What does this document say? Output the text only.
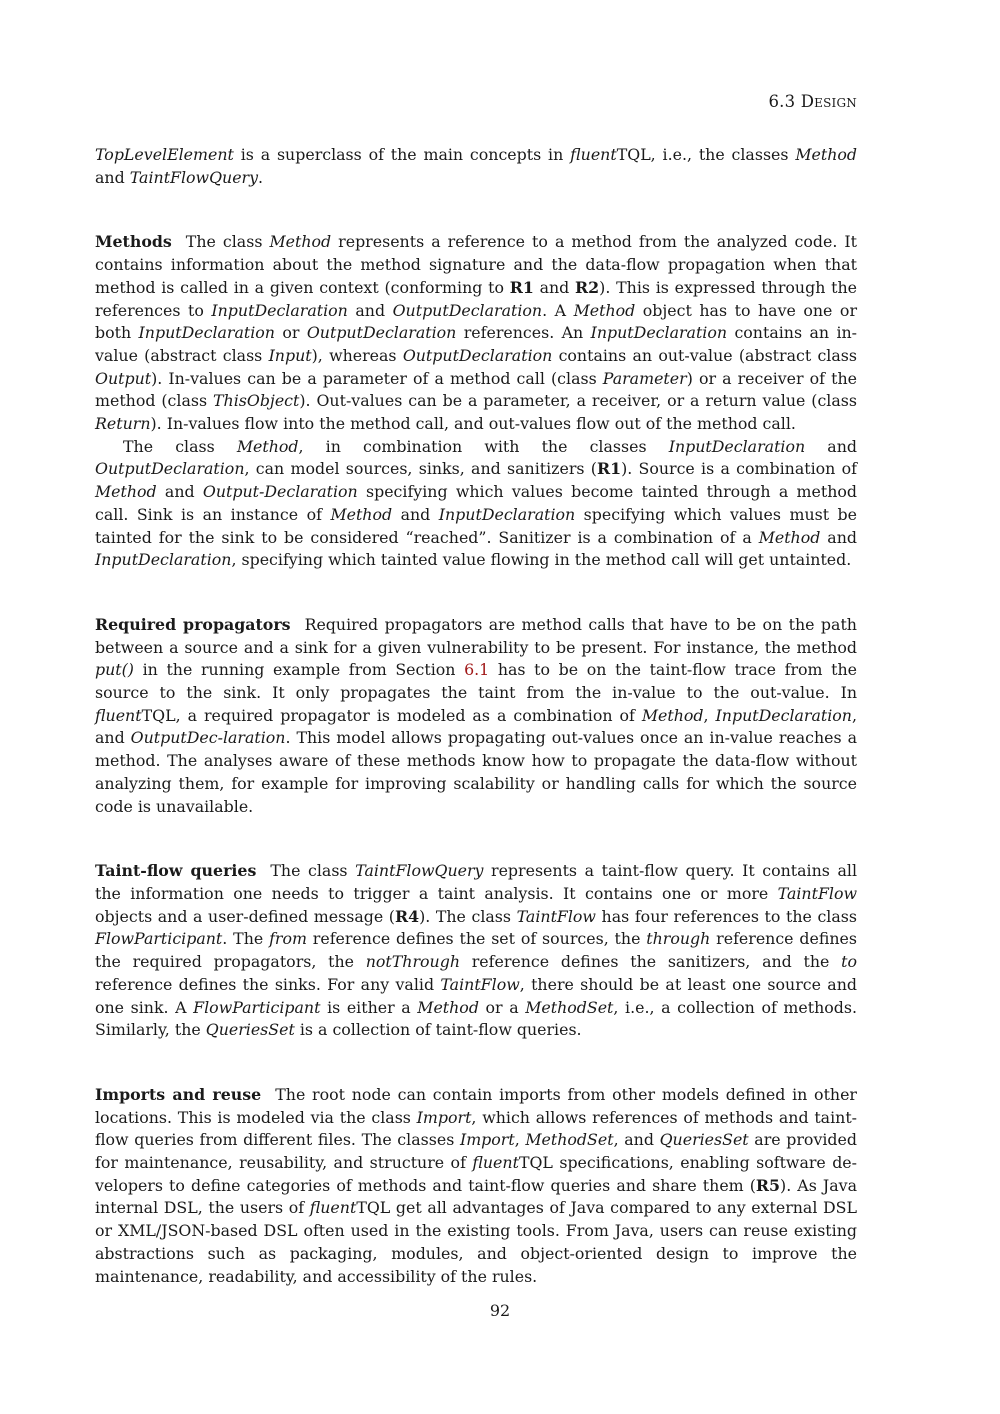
6.3 Design

TopLevelElement is a superclass of the main concepts in fluentTQL, i.e., the classes Method and TaintFlowQuery.

Methods The class Method represents a reference to a method from the analyzed code. It contains information about the method signature and the data-flow propagation when that method is called in a given context (conforming to R1 and R2). This is expressed through the references to InputDeclaration and OutputDeclaration. A Method object has to have one or both InputDeclaration or OutputDeclaration references. An InputDeclaration contains an in-value (abstract class Input), whereas OutputDeclaration contains an out-value (abstract class Output). In-values can be a parameter of a method call (class Parameter) or a receiver of the method (class ThisObject). Out-values can be a parameter, a receiver, or a return value (class Return). In-values flow into the method call, and out-values flow out of the method call.

The class Method, in combination with the classes InputDeclaration and OutputDeclaration, can model sources, sinks, and sanitizers (R1). Source is a combination of Method and Output-Declaration specifying which values become tainted through a method call. Sink is an instance of Method and InputDeclaration specifying which values must be tainted for the sink to be considered “reached”. Sanitizer is a combination of a Method and InputDeclaration, specifying which tainted value flowing in the method call will get untainted.

Required propagators Required propagators are method calls that have to be on the path between a source and a sink for a given vulnerability to be present. For instance, the method put() in the running example from Section 6.1 has to be on the taint-flow trace from the source to the sink. It only propagates the taint from the in-value to the out-value. In fluentTQL, a required propagator is modeled as a combination of Method, InputDeclaration, and OutputDec-laration. This model allows propagating out-values once an in-value reaches a method. The analyses aware of these methods know how to propagate the data-flow without analyzing them, for example for improving scalability or handling calls for which the source code is unavailable.

Taint-flow queries The class TaintFlowQuery represents a taint-flow query. It contains all the information one needs to trigger a taint analysis. It contains one or more TaintFlow objects and a user-defined message (R4). The class TaintFlow has four references to the class FlowParticipant. The from reference defines the set of sources, the through reference defines the required propagators, the notThrough reference defines the sanitizers, and the to reference defines the sinks. For any valid TaintFlow, there should be at least one source and one sink. A FlowParticipant is either a Method or a MethodSet, i.e., a collection of methods. Similarly, the QueriesSet is a collection of taint-flow queries.

Imports and reuse The root node can contain imports from other models defined in other locations. This is modeled via the class Import, which allows references of methods and taint-flow queries from different files. The classes Import, MethodSet, and QueriesSet are provided for maintenance, reusability, and structure of fluentTQL specifications, enabling software de-velopers to define categories of methods and taint-flow queries and share them (R5). As Java internal DSL, the users of fluentTQL get all advantages of Java compared to any external DSL or XML/JSON-based DSL often used in the existing tools. From Java, users can reuse existing abstractions such as packaging, modules, and object-oriented design to improve the maintenance, readability, and accessibility of the rules.

92
